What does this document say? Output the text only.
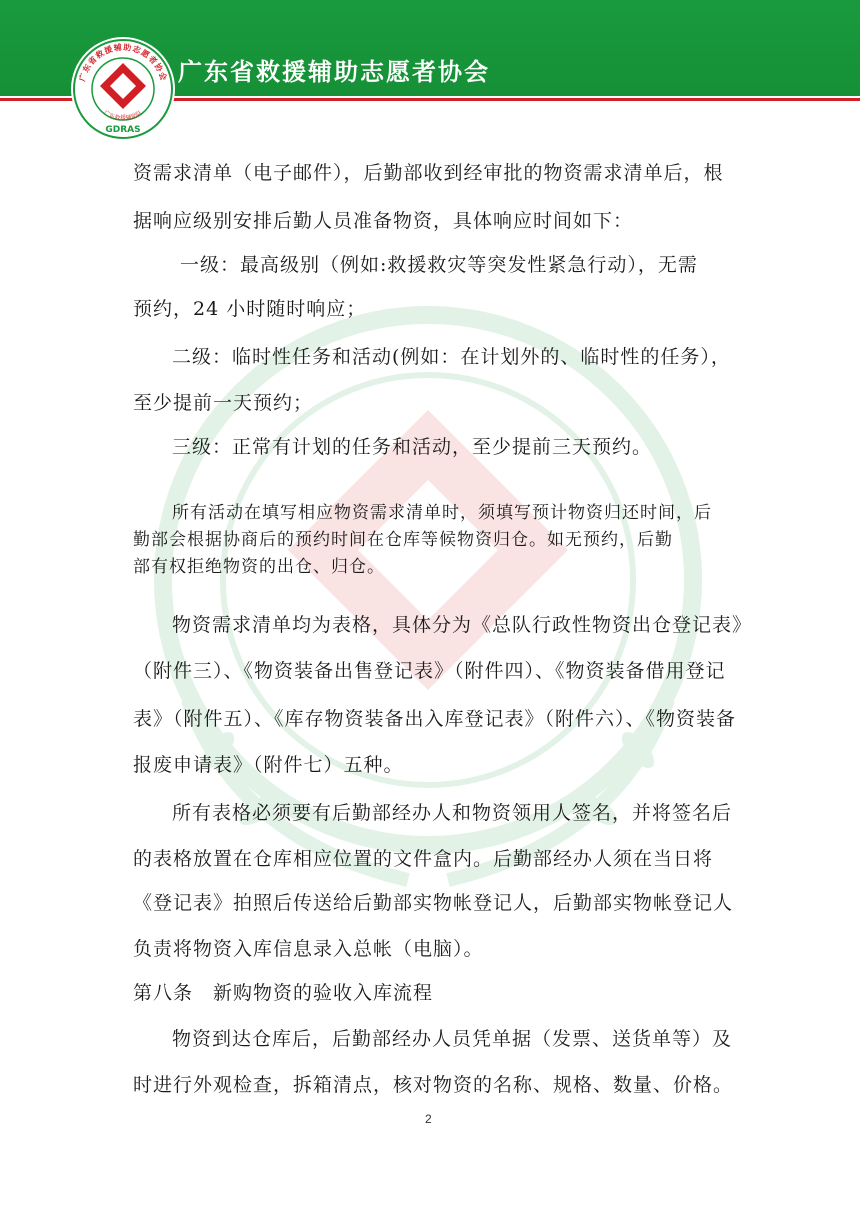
广东省救援辅助志愿者协会
广东救援辅助队
GDRAS
广东省救援辅助志愿者协会
资需求清单（电子邮件），后勤部收到经审批的物资需求清单后，根
据响应级别安排后勤人员准备物资，具体响应时间如下：
一级：最高级别（例如:救援救灾等突发性紧急行动），无需
预约，24 小时随时响应；
二级：临时性任务和活动(例如：在计划外的、临时性的任务），
至少提前一天预约；
三级：正常有计划的任务和活动，至少提前三天预约。
所有活动在填写相应物资需求清单时，须填写预计物资归还时间，后
勤部会根据协商后的预约时间在仓库等候物资归仓。如无预约，后勤
部有权拒绝物资的出仓、归仓。
物资需求清单均为表格，具体分为《总队行政性物资出仓登记表》
（附件三）、《物资装备出售登记表》（附件四）、《物资装备借用登记
表》（附件五）、《库存物资装备出入库登记表》（附件六）、《物资装备
报废申请表》（附件七）五种。
所有表格必须要有后勤部经办人和物资领用人签名，并将签名后
的表格放置在仓库相应位置的文件盒内。后勤部经办人须在当日将
《登记表》拍照后传送给后勤部实物帐登记人，后勤部实物帐登记人
负责将物资入库信息录入总帐（电脑）。
第八条　新购物资的验收入库流程
物资到达仓库后，后勤部经办人员凭单据（发票、送货单等）及
时进行外观检查，拆箱清点，核对物资的名称、规格、数量、价格。
2
